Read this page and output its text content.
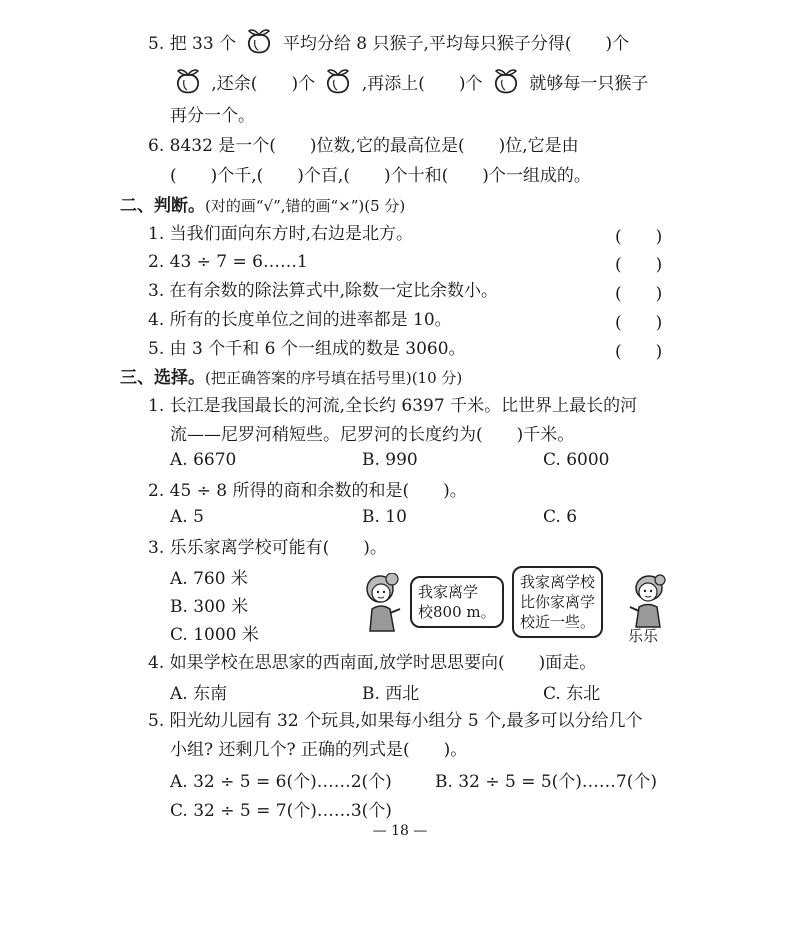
5. 把 33 个	平均分给 8 只猴子,平均每只猴子分得(　　)个
,还余(　　)个	,再添上(　　)个	就够每一只猴子
再分一个。
6. 8432 是一个(　　)位数,它的最高位是(　　)位,它是由
(　　)个千,(　　)个百,(　　)个十和(　　)个一组成的。
二、判断。(对的画“√”,错的画“×”)(5 分)
1. 当我们面向东方时,右边是北方。	(　　)
2. 43 ÷ 7 = 6……1	(　　)
3. 在有余数的除法算式中,除数一定比余数小。	(　　)
4. 所有的长度单位之间的进率都是 10。	(　　)
5. 由 3 个千和 6 个一组成的数是 3060。	(　　)
三、选择。(把正确答案的序号填在括号里)(10 分)
1. 长江是我国最长的河流,全长约 6397 千米。比世界上最长的河
流——尼罗河稍短些。尼罗河的长度约为(　　)千米。
A. 6670	B. 990	C. 6000
2. 45 ÷ 8 所得的商和余数的和是(　　)。
A. 5	B. 10	C. 6
3. 乐乐家离学校可能有(　　)。
A. 760 米
B. 300 米
C. 1000 米
我家离学
校800 m。
我家离学校
比你家离学
校近一些。
乐乐
4. 如果学校在思思家的西南面,放学时思思要向(　　)面走。
A. 东南	B. 西北	C. 东北
5. 阳光幼儿园有 32 个玩具,如果每小组分 5 个,最多可以分给几个
小组? 还剩几个? 正确的列式是(　　)。
A. 32 ÷ 5 = 6(个)……2(个)	B. 32 ÷ 5 = 5(个)……7(个)
C. 32 ÷ 5 = 7(个)……3(个)
— 18 —
